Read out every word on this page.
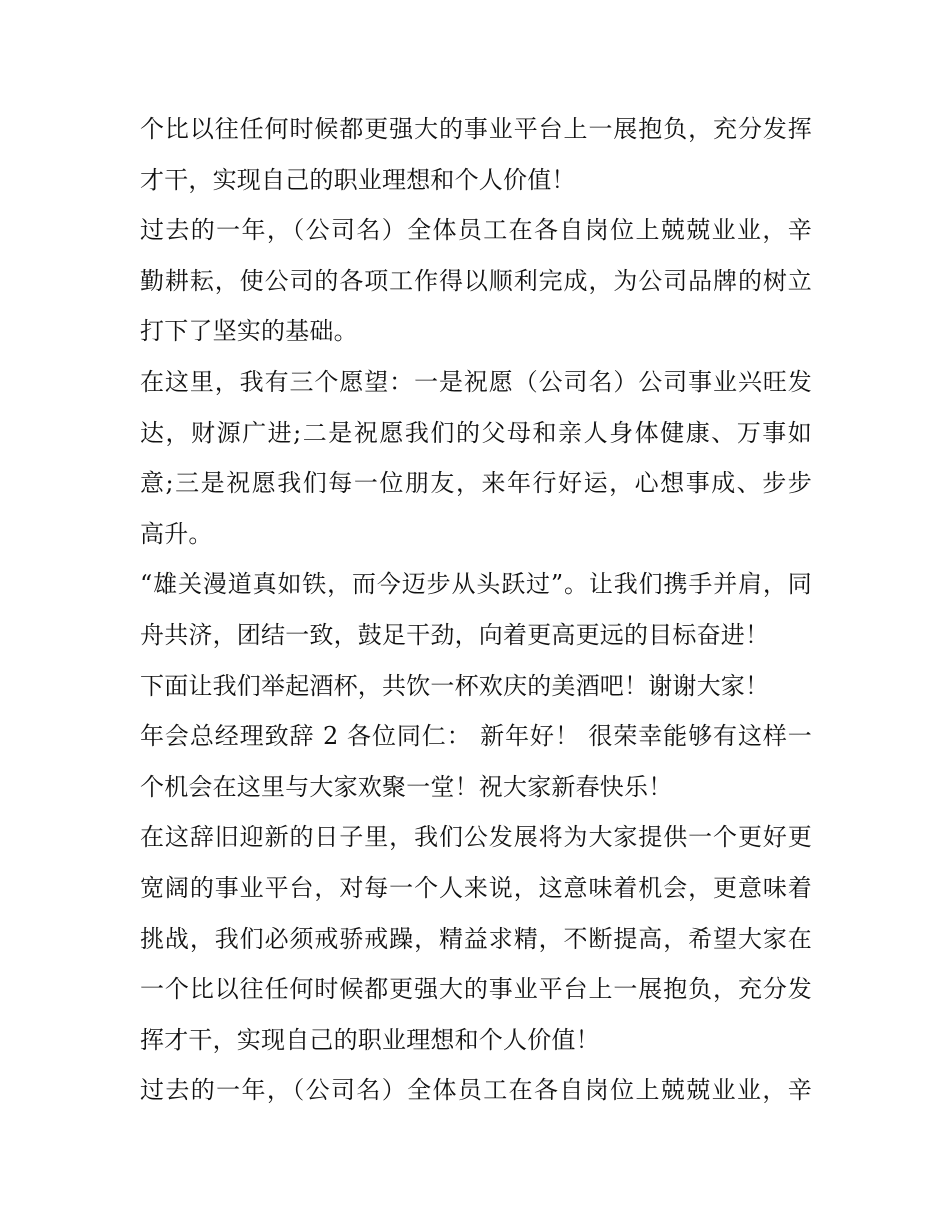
个比以往任何时候都更强大的事业平台上一展抱负，充分发挥
才干，实现自己的职业理想和个人价值！
过去的一年，（公司名）全体员工在各自岗位上兢兢业业，辛
勤耕耘，使公司的各项工作得以顺利完成，为公司品牌的树立
打下了坚实的基础。
在这里，我有三个愿望：一是祝愿（公司名）公司事业兴旺发
达，财源广进;二是祝愿我们的父母和亲人身体健康、万事如
意;三是祝愿我们每一位朋友，来年行好运，心想事成、步步
高升。
“雄关漫道真如铁，而今迈步从头跃过”。让我们携手并肩，同
舟共济，团结一致，鼓足干劲，向着更高更远的目标奋进！
下面让我们举起酒杯，共饮一杯欢庆的美酒吧！谢谢大家！
年会总经理致辞 2 各位同仁： 新年好！ 很荣幸能够有这样一
个机会在这里与大家欢聚一堂！祝大家新春快乐！
在这辞旧迎新的日子里，我们公发展将为大家提供一个更好更
宽阔的事业平台，对每一个人来说，这意味着机会，更意味着
挑战，我们必须戒骄戒躁，精益求精，不断提高，希望大家在
一个比以往任何时候都更强大的事业平台上一展抱负，充分发
挥才干，实现自己的职业理想和个人价值！
过去的一年，（公司名）全体员工在各自岗位上兢兢业业，辛
